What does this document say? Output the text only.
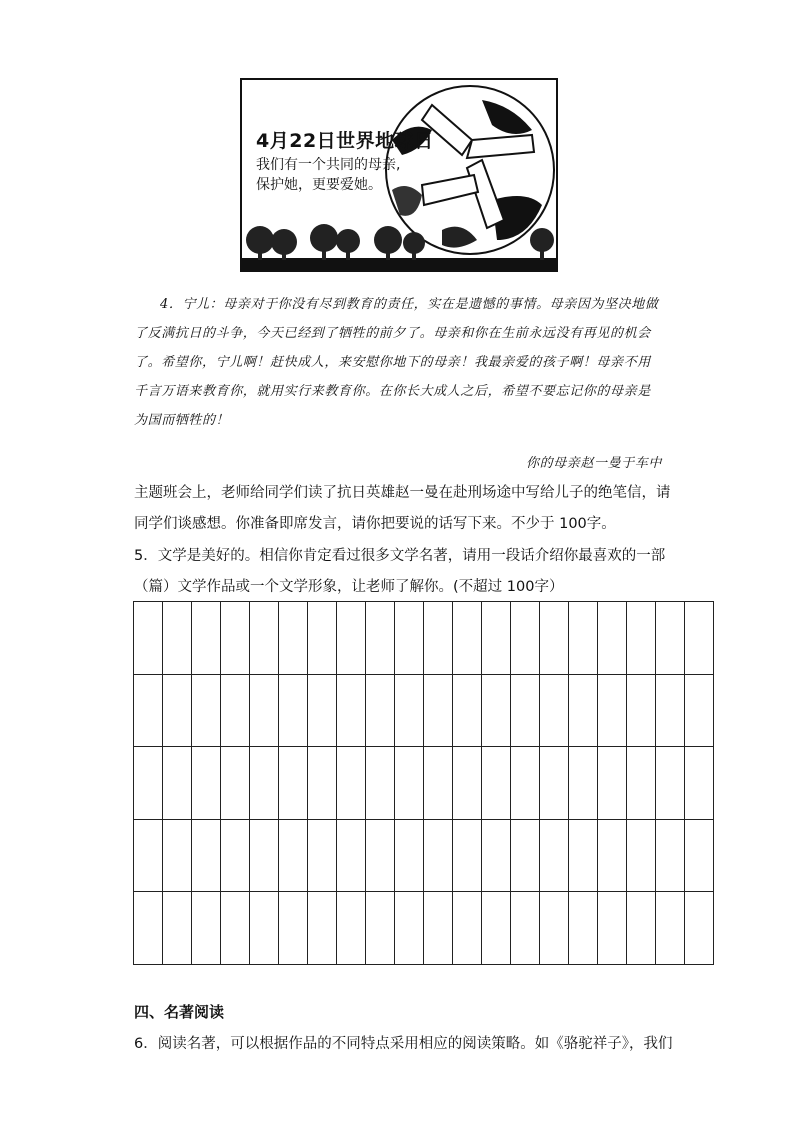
4月22日世界地球日
我们有一个共同的母亲,
保护她，更要爱她。

4．宁儿：母亲对于你没有尽到教育的责任，实在是遗憾的事情。母亲因为坚决地做了反满抗日的斗争，今天已经到了牺牲的前夕了。母亲和你在生前永远没有再见的机会了。希望你，宁儿啊！赶快成人，来安慰你地下的母亲！我最亲爱的孩子啊！母亲不用千言万语来教育你，就用实行来教育你。在你长大成人之后，希望不要忘记你的母亲是为国而牺牲的！

你的母亲赵一曼于车中
主题班会上，老师给同学们读了抗日英雄赵一曼在赴刑场途中写给儿子的绝笔信，请
同学们谈感想。你准备即席发言，请你把要说的话写下来。不少于 100字。
5．文学是美好的。相信你肯定看过很多文学名著，请用一段话介绍你最喜欢的一部
（篇）文学作品或一个文学形象，让老师了解你。(不超过 100字）
四、名著阅读
6．阅读名著，可以根据作品的不同特点采用相应的阅读策略。如《骆驼祥子》，我们
